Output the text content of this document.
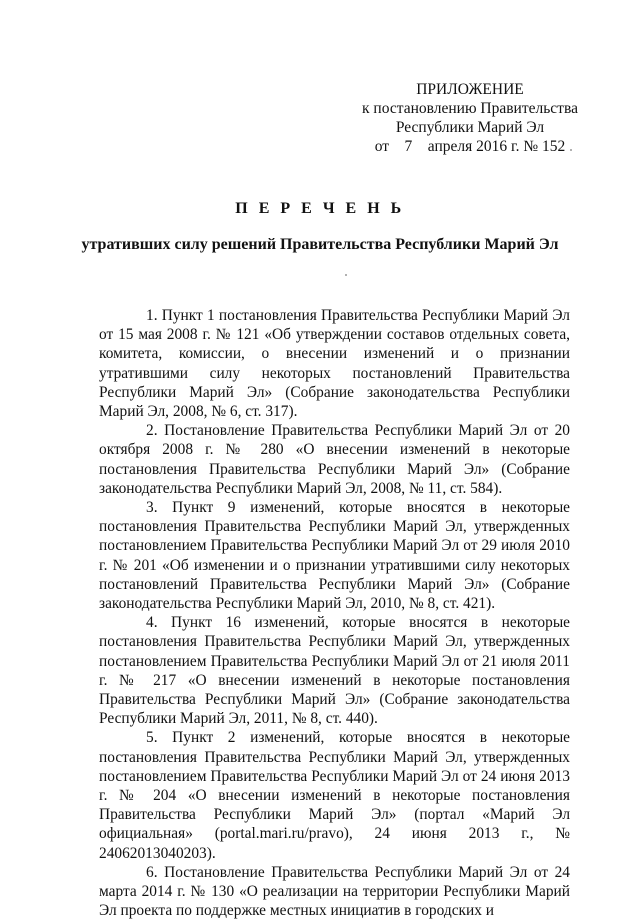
ПРИЛОЖЕНИЕ
к постановлению Правительства
Республики Марий Эл
от    7    апреля 2016 г. № 152
П Е Р Е Ч Е Н Ь
утративших силу решений Правительства Республики Марий Эл

1. Пункт 1 постановления Правительства Республики Марий Эл от 15 мая 2008 г. № 121 «Об утверждении составов отдельных совета, комитета, комиссии, о внесении изменений и о признании утратившими силу некоторых постановлений Правительства Республики Марий Эл» (Собрание законодательства Республики Марий Эл, 2008, № 6, ст. 317).

2. Постановление Правительства Республики Марий Эл от 20 октября 2008 г. № 280 «О внесении изменений в некоторые постановления Правительства Республики Марий Эл» (Собрание законодательства Республики Марий Эл, 2008, № 11, ст. 584).

3. Пункт 9 изменений, которые вносятся в некоторые постановления Правительства Республики Марий Эл, утвержденных постановлением Правительства Республики Марий Эл от 29 июля 2010 г. № 201 «Об изменении и о признании утратившими силу некоторых постановлений Правительства Республики Марий Эл» (Собрание законодательства Республики Марий Эл, 2010, № 8, ст. 421).

4. Пункт 16 изменений, которые вносятся в некоторые постановления Правительства Республики Марий Эл, утвержденных постановлением Правительства Республики Марий Эл от 21 июля 2011 г. № 217 «О внесении изменений в некоторые постановления Правительства Республики Марий Эл» (Собрание законодательства Республики Марий Эл, 2011, № 8, ст. 440).

5. Пункт 2 изменений, которые вносятся в некоторые постановления Правительства Республики Марий Эл, утвержденных постановлением Правительства Республики Марий Эл от 24 июня 2013 г. № 204 «О внесении изменений в некоторые постановления Правительства Республики Марий Эл» (портал «Марий Эл официальная» (portal.mari.ru/pravo), 24 июня 2013 г., № 24062013040203).

6. Постановление Правительства Республики Марий Эл от 24 марта 2014 г. № 130 «О реализации на территории Республики Марий Эл проекта по поддержке местных инициатив в городских и
